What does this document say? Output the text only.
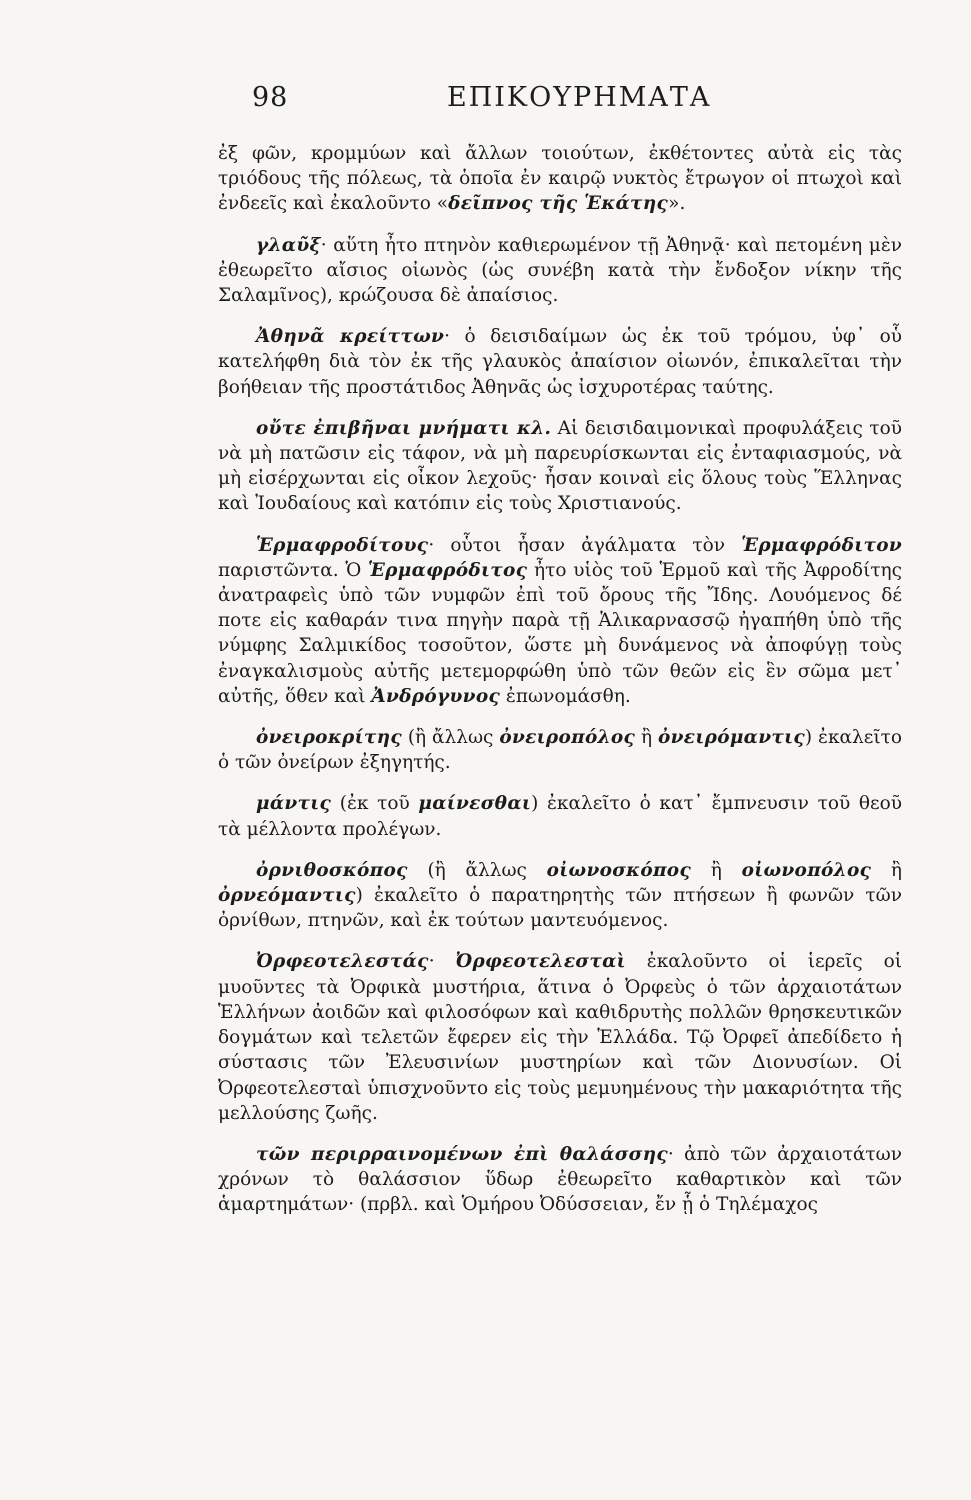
98	ΕΠΙΚΟΥΡΗΜΑΤΑ

ἐξ φῶν, κρομμύων καὶ ἄλλων τοιούτων, ἐκθέτοντες αὐτὰ εἰς τὰς τριόδους τῆς πόλεως, τὰ ὁποῖα ἐν καιρῷ νυκτὸς ἔτρωγον οἱ πτωχοὶ καὶ ἐνδεεῖς καὶ ἐκαλοῦντο «δεῖπνος τῆς Ἑκάτης».

γλαῦξ· αὕτη ἦτο πτηνὸν καθιερωμένον τῇ Ἀθηνᾷ· καὶ πετομένη μὲν ἐθεωρεῖτο αἴσιος οἰωνὸς (ὡς συνέβη κατὰ τὴν ἔνδοξον νίκην τῆς Σαλαμῖνος), κρώζουσα δὲ ἀπαίσιος.

Ἀθηνᾶ κρείττων· ὁ δεισιδαίμων ὡς ἐκ τοῦ τρόμου, ὑφ᾽ οὗ κατελήφθη διὰ τὸν ἐκ τῆς γλαυκὸς ἀπαίσιον οἰωνόν, ἐπικαλεῖται τὴν βοήθειαν τῆς προστάτιδος Ἀθηνᾶς ὡς ἰσχυροτέρας ταύτης.

οὔτε ἐπιβῆναι μνήματι κλ. Αἱ δεισιδαιμονικαὶ προφυλάξεις τοῦ νὰ μὴ πατῶσιν εἰς τάφον, νὰ μὴ παρευρίσκωνται εἰς ἐνταφιασμούς, νὰ μὴ εἰσέρχωνται εἰς οἶκον λεχοῦς· ἦσαν κοιναὶ εἰς ὅλους τοὺς Ἕλληνας καὶ Ἰουδαίους καὶ κατόπιν εἰς τοὺς Χριστιανούς.

Ἑρμαφροδίτους· οὗτοι ἦσαν ἀγάλματα τὸν Ἑρμαφρόδιτον παριστῶντα. Ὁ Ἑρμαφρόδιτος ἦτο υἱὸς τοῦ Ἑρμοῦ καὶ τῆς Ἀφροδίτης ἀνατραφεὶς ὑπὸ τῶν νυμφῶν ἐπὶ τοῦ ὄρους τῆς Ἴδης. Λουόμενος δέ ποτε εἰς καθαράν τινα πηγὴν παρὰ τῇ Ἁλικαρνασσῷ ἠγαπήθη ὑπὸ τῆς νύμφης Σαλμικίδος τοσοῦτον, ὥστε μὴ δυνάμενος νὰ ἀποφύγῃ τοὺς ἐναγκαλισμοὺς αὐτῆς μετεμορφώθη ὑπὸ τῶν θεῶν εἰς ἓν σῶμα μετ᾽ αὐτῆς, ὅθεν καὶ Ἀνδρόγυνος ἐπωνομάσθη.

ὀνειροκρίτης (ἢ ἄλλως ὀνειροπόλος ἢ ὀνειρόμαντις) ἐκαλεῖτο ὁ τῶν ὀνείρων ἐξηγητής.

μάντις (ἐκ τοῦ μαίνεσθαι) ἐκαλεῖτο ὁ κατ᾽ ἔμπνευσιν τοῦ θεοῦ τὰ μέλλοντα προλέγων.

ὀρνιθοσκόπος (ἢ ἄλλως οἰωνοσκόπος ἢ οἰωνοπόλος ἢ ὀρνεόμαντις) ἐκαλεῖτο ὁ παρατηρητὴς τῶν πτήσεων ἢ φωνῶν τῶν ὀρνίθων, πτηνῶν, καὶ ἐκ τούτων μαντευόμενος.

Ὀρφεοτελεστάς· Ὀρφεοτελεσταὶ ἐκαλοῦντο οἱ ἱερεῖς οἱ μυοῦντες τὰ Ὀρφικὰ μυστήρια, ἅτινα ὁ Ὀρφεὺς ὁ τῶν ἀρχαιοτάτων Ἑλλήνων ἀοιδῶν καὶ φιλοσόφων καὶ καθιδρυτὴς πολλῶν θρησκευτικῶν δογμάτων καὶ τελετῶν ἔφερεν εἰς τὴν Ἑλλάδα. Τῷ Ὀρφεῖ ἀπεδίδετο ἡ σύστασις τῶν Ἐλευσινίων μυστηρίων καὶ τῶν Διονυσίων. Οἱ Ὀρφεοτελεσταὶ ὑπισχνοῦντο εἰς τοὺς μεμυημένους τὴν μακαριότητα τῆς μελλούσης ζωῆς.

τῶν περιρραινομένων ἐπὶ θαλάσσης· ἀπὸ τῶν ἀρχαιοτάτων χρόνων τὸ θαλάσσιον ὕδωρ ἐθεωρεῖτο καθαρτικὸν καὶ τῶν ἁμαρτημάτων· (πρβλ. καὶ Ὁμήρου Ὀδύσσειαν, ἔν ᾗ ὁ Τηλέμαχος
